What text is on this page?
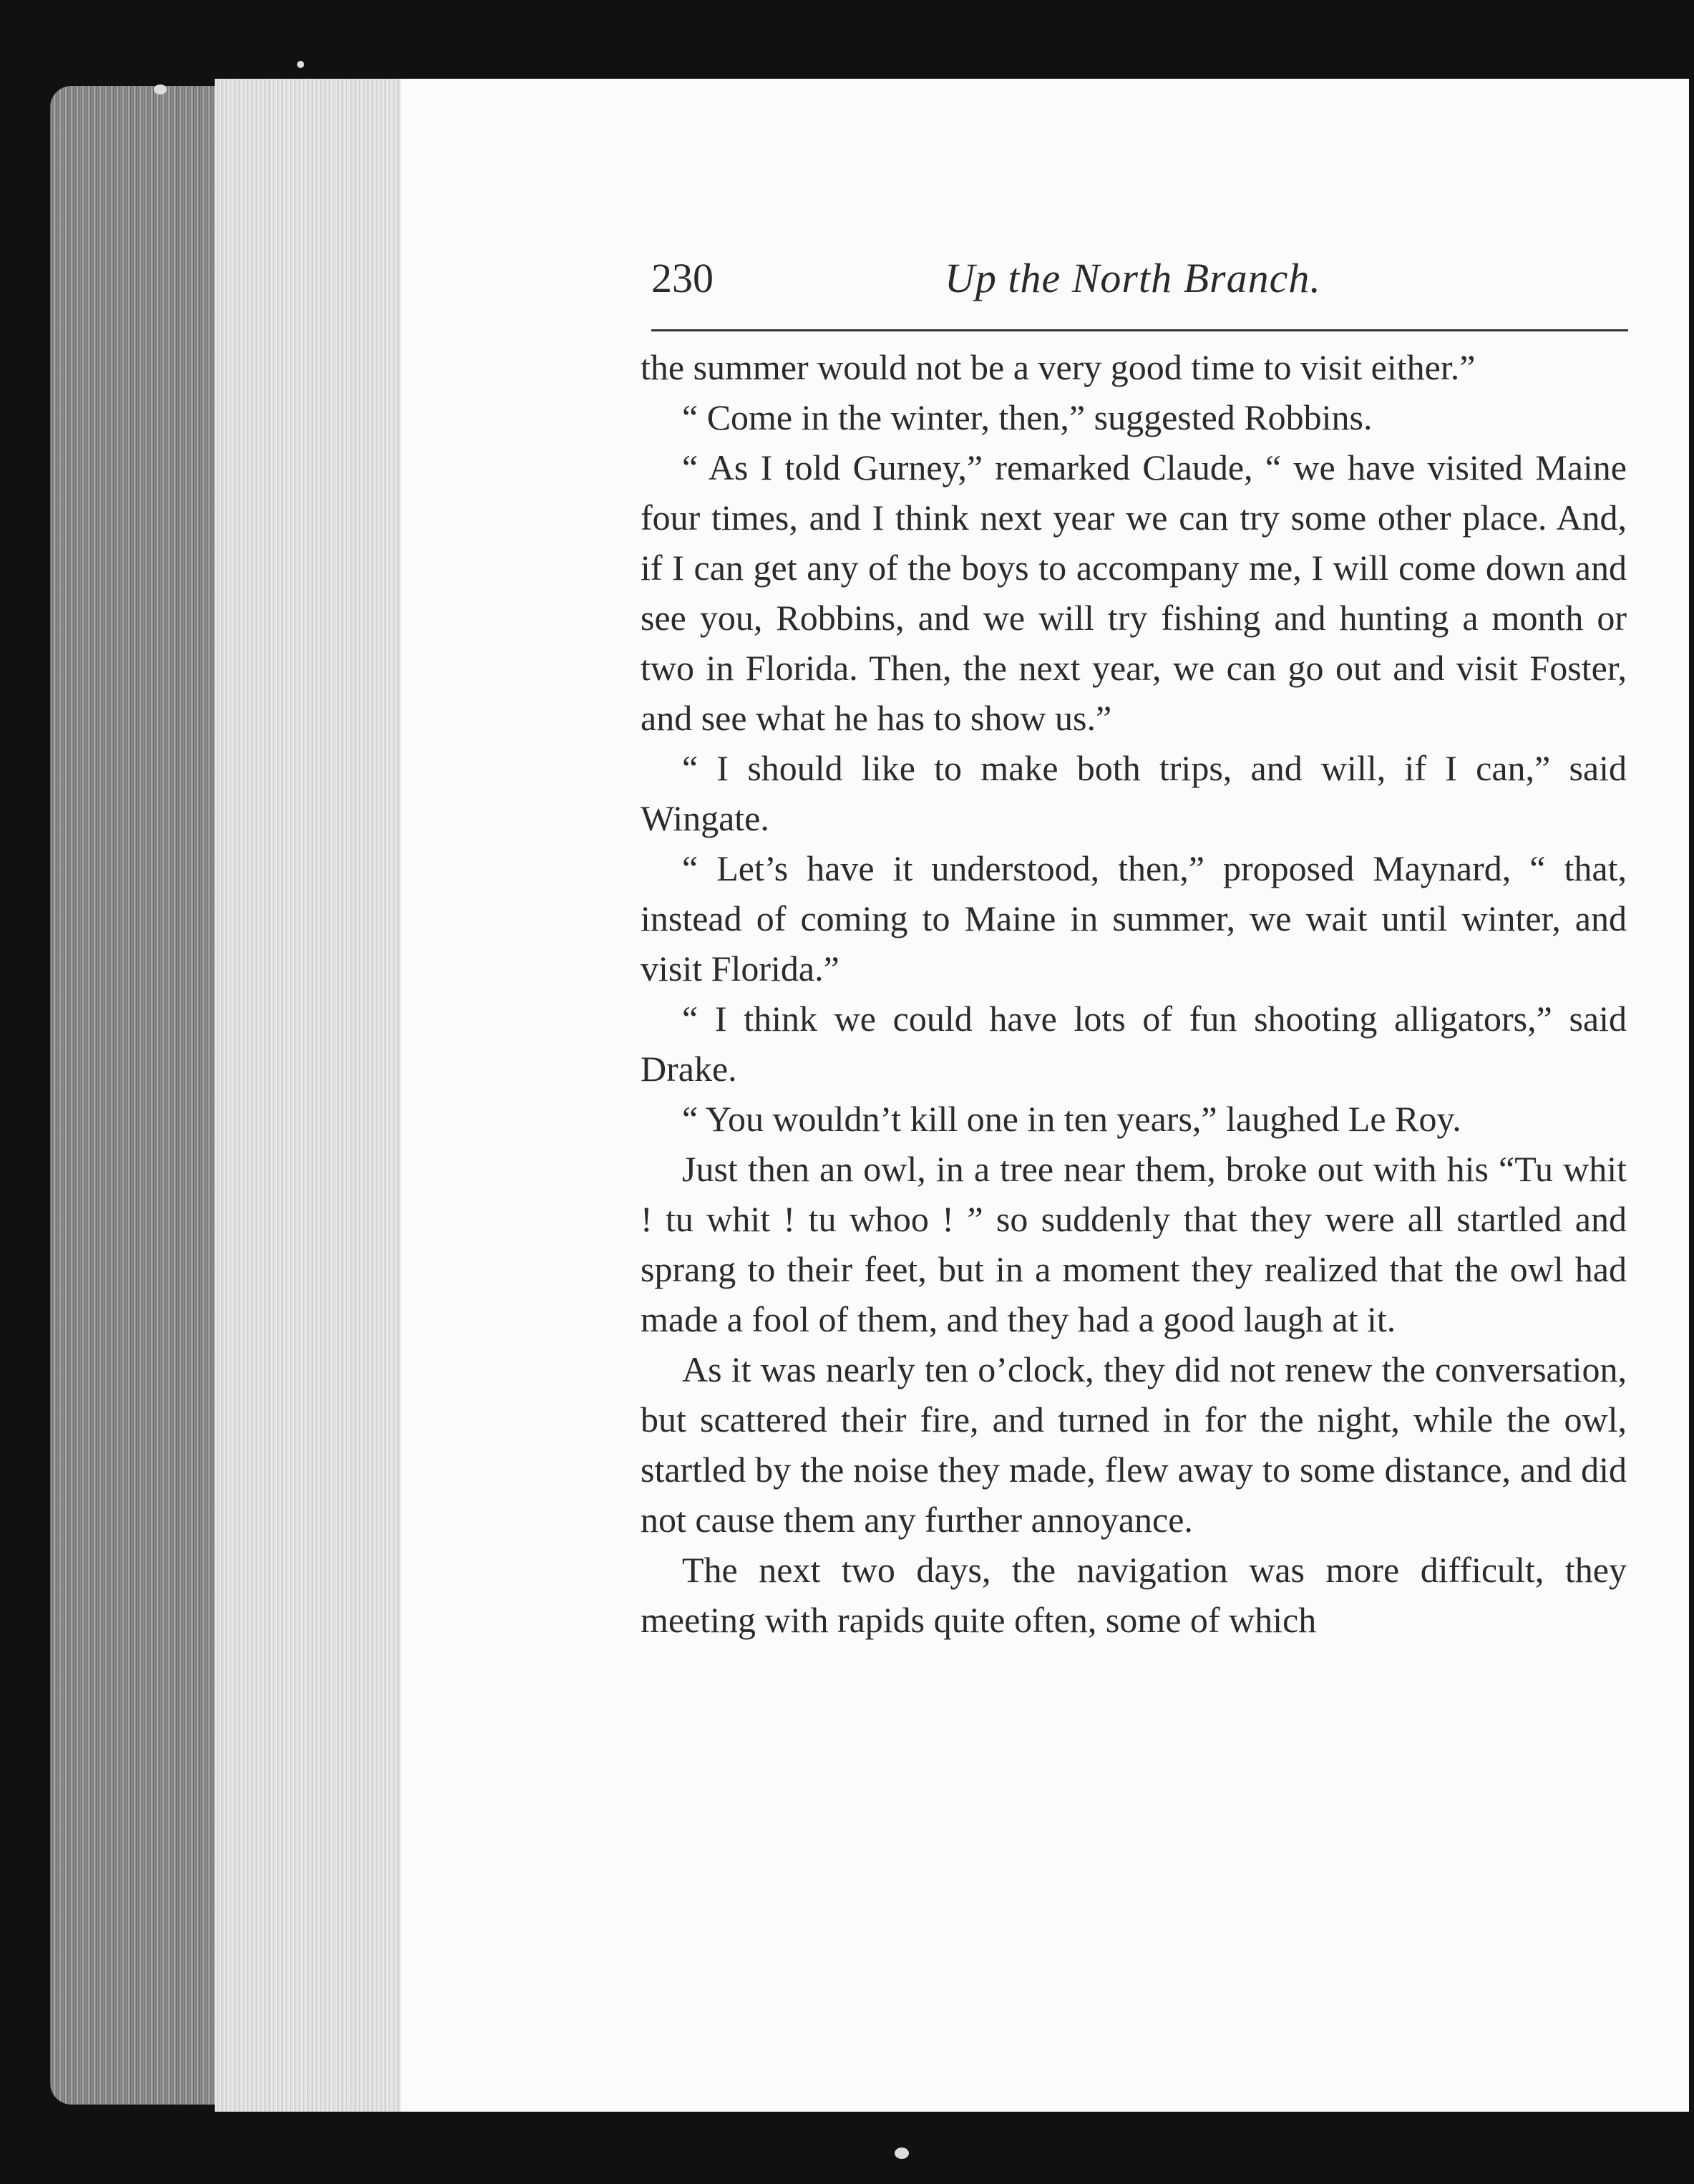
230	Up the North Branch.

the summer would not be a very good time to visit either.”

“ Come in the winter, then,” suggested Robbins.

“ As I told Gurney,” remarked Claude, “ we have visited Maine four times, and I think next year we can try some other place. And, if I can get any of the boys to accompany me, I will come down and see you, Robbins, and we will try fishing and hunting a month or two in Florida. Then, the next year, we can go out and visit Foster, and see what he has to show us.”

“ I should like to make both trips, and will, if I can,” said Wingate.

“ Let’s have it understood, then,” proposed Maynard, “ that, instead of coming to Maine in summer, we wait until winter, and visit Florida.”

“ I think we could have lots of fun shooting alligators,” said Drake.

“ You wouldn’t kill one in ten years,” laughed Le Roy.

Just then an owl, in a tree near them, broke out with his “Tu whit ! tu whit ! tu whoo ! ” so suddenly that they were all startled and sprang to their feet, but in a moment they realized that the owl had made a fool of them, and they had a good laugh at it.

As it was nearly ten o’clock, they did not renew the conversation, but scattered their fire, and turned in for the night, while the owl, startled by the noise they made, flew away to some distance, and did not cause them any further annoyance.

The next two days, the navigation was more difficult, they meeting with rapids quite often, some of which
